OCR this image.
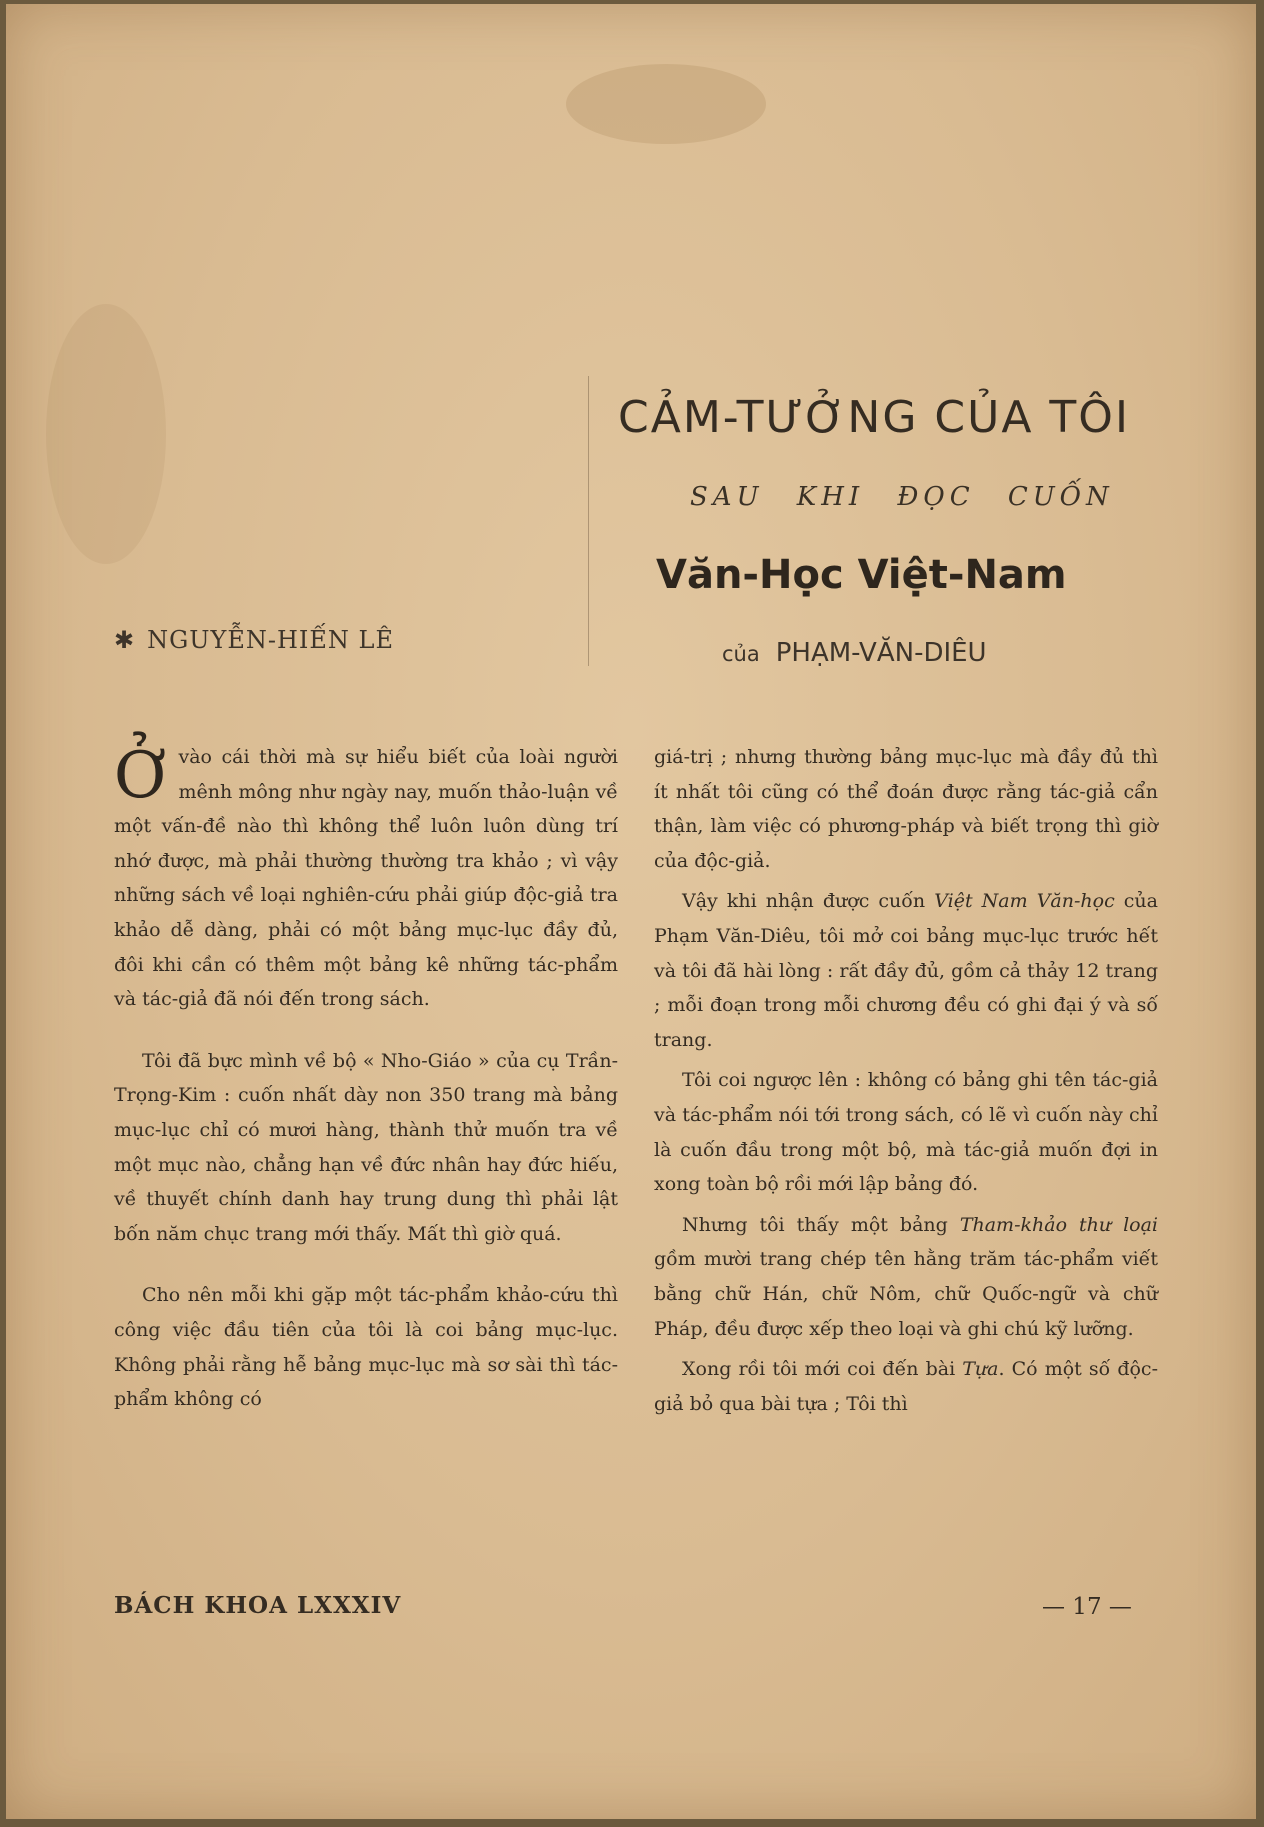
✱ NGUYỄN-HIẾN LÊ
CẢM-TƯỞNG CỦA TÔI
SAU KHI ĐỌC CUỐN
Văn-Học Việt-Nam
của PHẠM-VĂN-DIÊU

Ởvào cái thời mà sự hiểu biết của loài người mênh mông như ngày nay, muốn thảo-luận về một vấn-đề nào thì không thể luôn luôn dùng trí nhớ được, mà phải thường thường tra khảo ; vì vậy những sách về loại nghiên-cứu phải giúp độc-giả tra khảo dễ dàng, phải có một bảng mục-lục đầy đủ, đôi khi cần có thêm một bảng kê những tác-phẩm và tác-giả đã nói đến trong sách.

Tôi đã bực mình về bộ « Nho-Giáo » của cụ Trần-Trọng-Kim : cuốn nhất dày non 350 trang mà bảng mục-lục chỉ có mươi hàng, thành thử muốn tra về một mục nào, chẳng hạn về đức nhân hay đức hiếu, về thuyết chính danh hay trung dung thì phải lật bốn năm chục trang mới thấy. Mất thì giờ quá.

Cho nên mỗi khi gặp một tác-phẩm khảo-cứu thì công việc đầu tiên của tôi là coi bảng mục-lục. Không phải rằng hễ bảng mục-lục mà sơ sài thì tác-phẩm không có

giá-trị ; nhưng thường bảng mục-lục mà đầy đủ thì ít nhất tôi cũng có thể đoán được rằng tác-giả cẩn thận, làm việc có phương-pháp và biết trọng thì giờ của độc-giả.

Vậy khi nhận được cuốn Việt Nam Văn-học của Phạm Văn-Diêu, tôi mở coi bảng mục-lục trước hết và tôi đã hài lòng : rất đầy đủ, gồm cả thảy 12 trang ; mỗi đoạn trong mỗi chương đều có ghi đại ý và số trang.

Tôi coi ngược lên : không có bảng ghi tên tác-giả và tác-phẩm nói tới trong sách, có lẽ vì cuốn này chỉ là cuốn đầu trong một bộ, mà tác-giả muốn đợi in xong toàn bộ rồi mới lập bảng đó.

Nhưng tôi thấy một bảng Tham-khảo thư loại gồm mười trang chép tên hằng trăm tác-phẩm viết bằng chữ Hán, chữ Nôm, chữ Quốc-ngữ và chữ Pháp, đều được xếp theo loại và ghi chú kỹ lưỡng.

Xong rồi tôi mới coi đến bài Tựa. Có một số độc-giả bỏ qua bài tựa ; Tôi thì

BÁCH KHOA LXXXIV	— 17 —
